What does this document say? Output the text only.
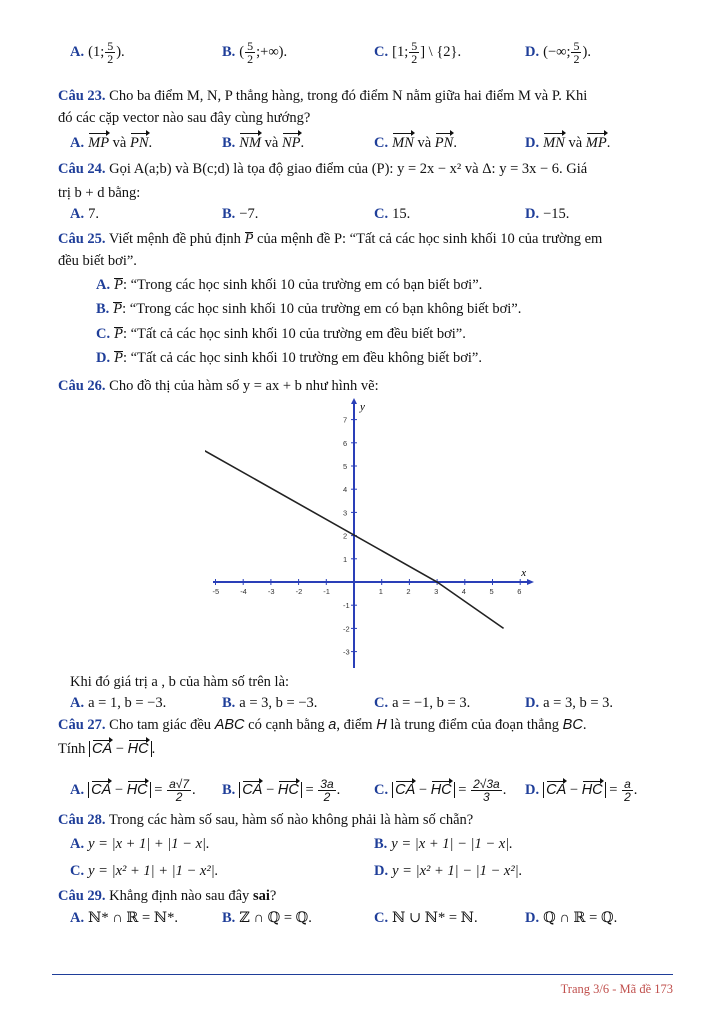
A. (1; $\frac{5}{2}$ ).	B. ( $\frac{5}{2}$ ;+∞).	C. [1; $\frac{5}{2}$ ] \ {2}.	D. (−∞; $\frac{5}{2}$ ).
Câu 23. Cho ba điểm M, N, P thẳng hàng, trong đó điểm N nằm giữa hai điểm M và P. Khi
đó các cặp vector nào sau đây cùng hướng?
A. MP và PN.	B. NM và NP.	C. MN và PN.	D. MN và MP.
Câu 24. Gọi A(a;b) và B(c;d) là tọa độ giao điểm của (P): y = 2x − x² và Δ: y = 3x − 6. Giá
trị b + d bằng:
A. 7.	B. −7.	C. 15.	D. −15.
Câu 25. Viết mệnh đề phủ định P của mệnh đề P: “Tất cả các học sinh khối 10 của trường em
đều biết bơi”.
A. P: “Trong các học sinh khối 10 của trường em có bạn biết bơi”.
B. P: “Trong các học sinh khối 10 của trường em có bạn không biết bơi”.
C. P: “Tất cả các học sinh khối 10 của trường em đều biết bơi”.
D. P: “Tất cả các học sinh khối 10 trường em đều không biết bơi”.
Câu 26. Cho đồ thị của hàm số y = ax + b như hình vẽ:
x
y
-5	-4	-3	-2	-1	1	2	3	4	5	6
7
6
5
4
3
2
1
-1
-2
-3
Khi đó giá trị a , b của hàm số trên là:
A. a = 1, b = −3.	B. a = 3, b = −3.	C. a = −1, b = 3.	D. a = 3, b = 3.
Câu 27. Cho tam giác đều ABC có cạnh bằng a, điểm H là trung điểm của đoạn thẳng BC.
Tính CA − HC .
A. CA − HC = $\frac{a√7}{2}$ . B. CA − HC = $\frac{3a}{2}$ . C. CA − HC = $\frac{2√3a}{3}$ . D. CA − HC = $\frac{a}{2}$ .
Câu 28. Trong các hàm số sau, hàm số nào không phải là hàm số chẵn?
A. y = |x + 1| + |1 − x|.	B. y = |x + 1| − |1 − x|.
C. y = |x² + 1| + |1 − x²|.	D. y = |x² + 1| − |1 − x²|.
Câu 29. Khẳng định nào sau đây sai?
A. ℕ* ∩ ℝ = ℕ*.	B. ℤ ∩ ℚ = ℚ.	C. ℕ ∪ ℕ* = ℕ.	D. ℚ ∩ ℝ = ℚ.
Trang 3/6 - Mã đề 173
